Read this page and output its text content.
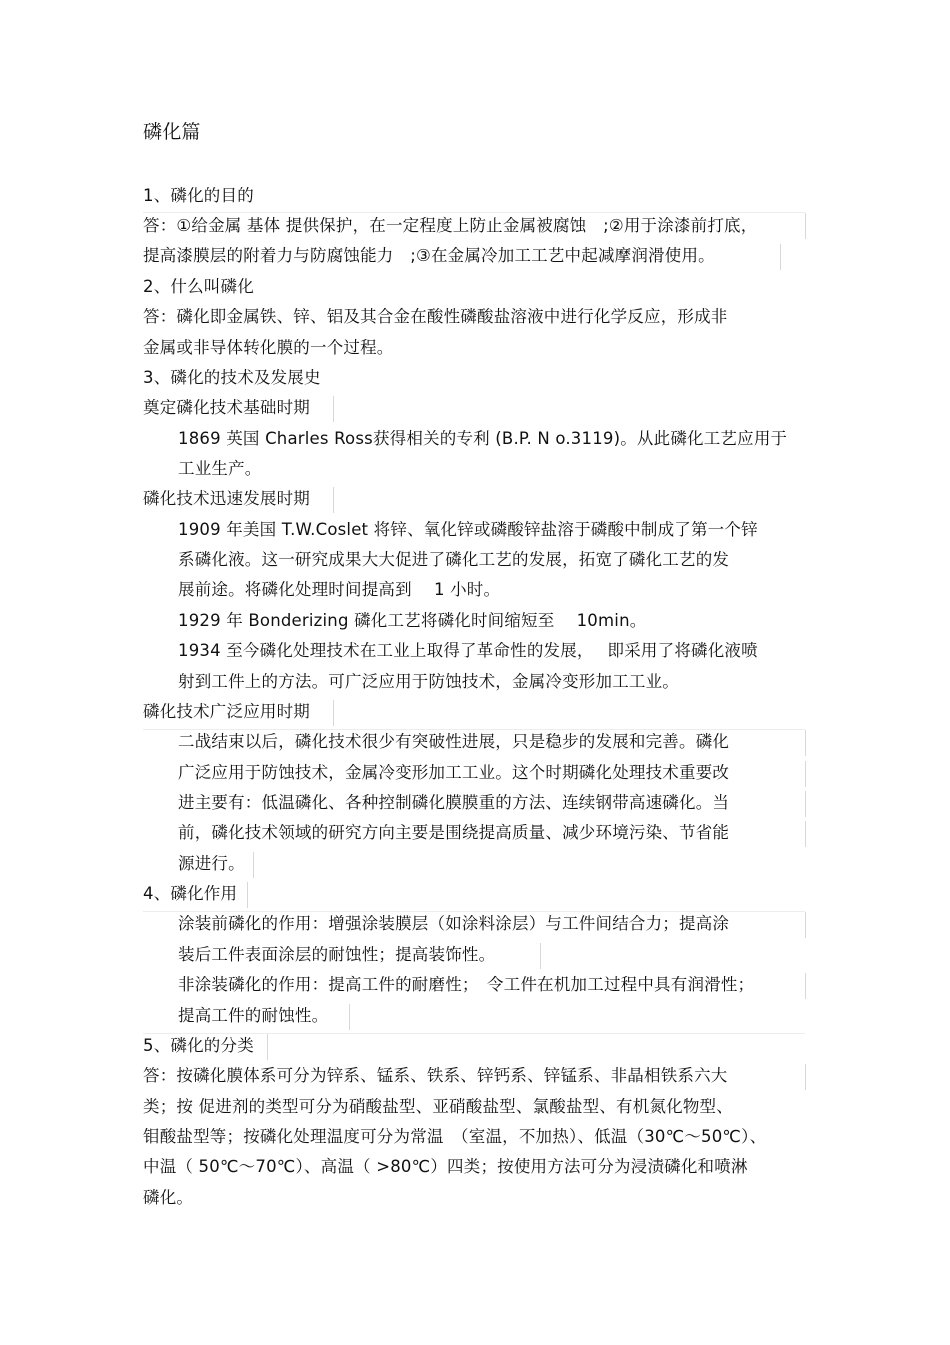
磷化篇
1、磷化的目的
答：①给金属 基体 提供保护，在一定程度上防止金属被腐蚀　;②用于涂漆前打底，
提高漆膜层的附着力与防腐蚀能力　;③在金属冷加工工艺中起减摩润滑使用。
2、什么叫磷化
答：磷化即金属铁、锌、铝及其合金在酸性磷酸盐溶液中进行化学反应，形成非
金属或非导体转化膜的一个过程。
3、磷化的技术及发展史
奠定磷化技术基础时期
1869 英国 Charles Ross获得相关的专利 (B.P. N o.3119)。从此磷化工艺应用于
工业生产。
磷化技术迅速发展时期
1909 年美国 T.W.Coslet 将锌、氧化锌或磷酸锌盐溶于磷酸中制成了第一个锌
系磷化液。这一研究成果大大促进了磷化工艺的发展，拓宽了磷化工艺的发
展前途。将磷化处理时间提高到　 1 小时。
1929 年 Bonderizing 磷化工艺将磷化时间缩短至　 10min。
1934 至今磷化处理技术在工业上取得了革命性的发展，　 即采用了将磷化液喷
射到工件上的方法。可广泛应用于防蚀技术，金属冷变形加工工业。
磷化技术广泛应用时期
二战结束以后，磷化技术很少有突破性进展，只是稳步的发展和完善。磷化
广泛应用于防蚀技术，金属冷变形加工工业。这个时期磷化处理技术重要改
进主要有：低温磷化、各种控制磷化膜膜重的方法、连续钢带高速磷化。当
前，磷化技术领域的研究方向主要是围绕提高质量、减少环境污染、节省能
源进行。
4、磷化作用
涂装前磷化的作用：增强涂装膜层（如涂料涂层）与工件间结合力；提高涂
装后工件表面涂层的耐蚀性；提高装饰性。
非涂装磷化的作用：提高工件的耐磨性；　令工件在机加工过程中具有润滑性；
提高工件的耐蚀性。
5、磷化的分类
答：按磷化膜体系可分为锌系、锰系、铁系、锌钙系、锌锰系、非晶相铁系六大
类；按 促进剂的类型可分为硝酸盐型、亚硝酸盐型、氯酸盐型、有机氮化物型、
钼酸盐型等；按磷化处理温度可分为常温　（室温，不加热）、低温（30℃～50℃）、
中温（ 50℃～70℃）、高温（ >80℃）四类；按使用方法可分为浸渍磷化和喷淋
磷化。
